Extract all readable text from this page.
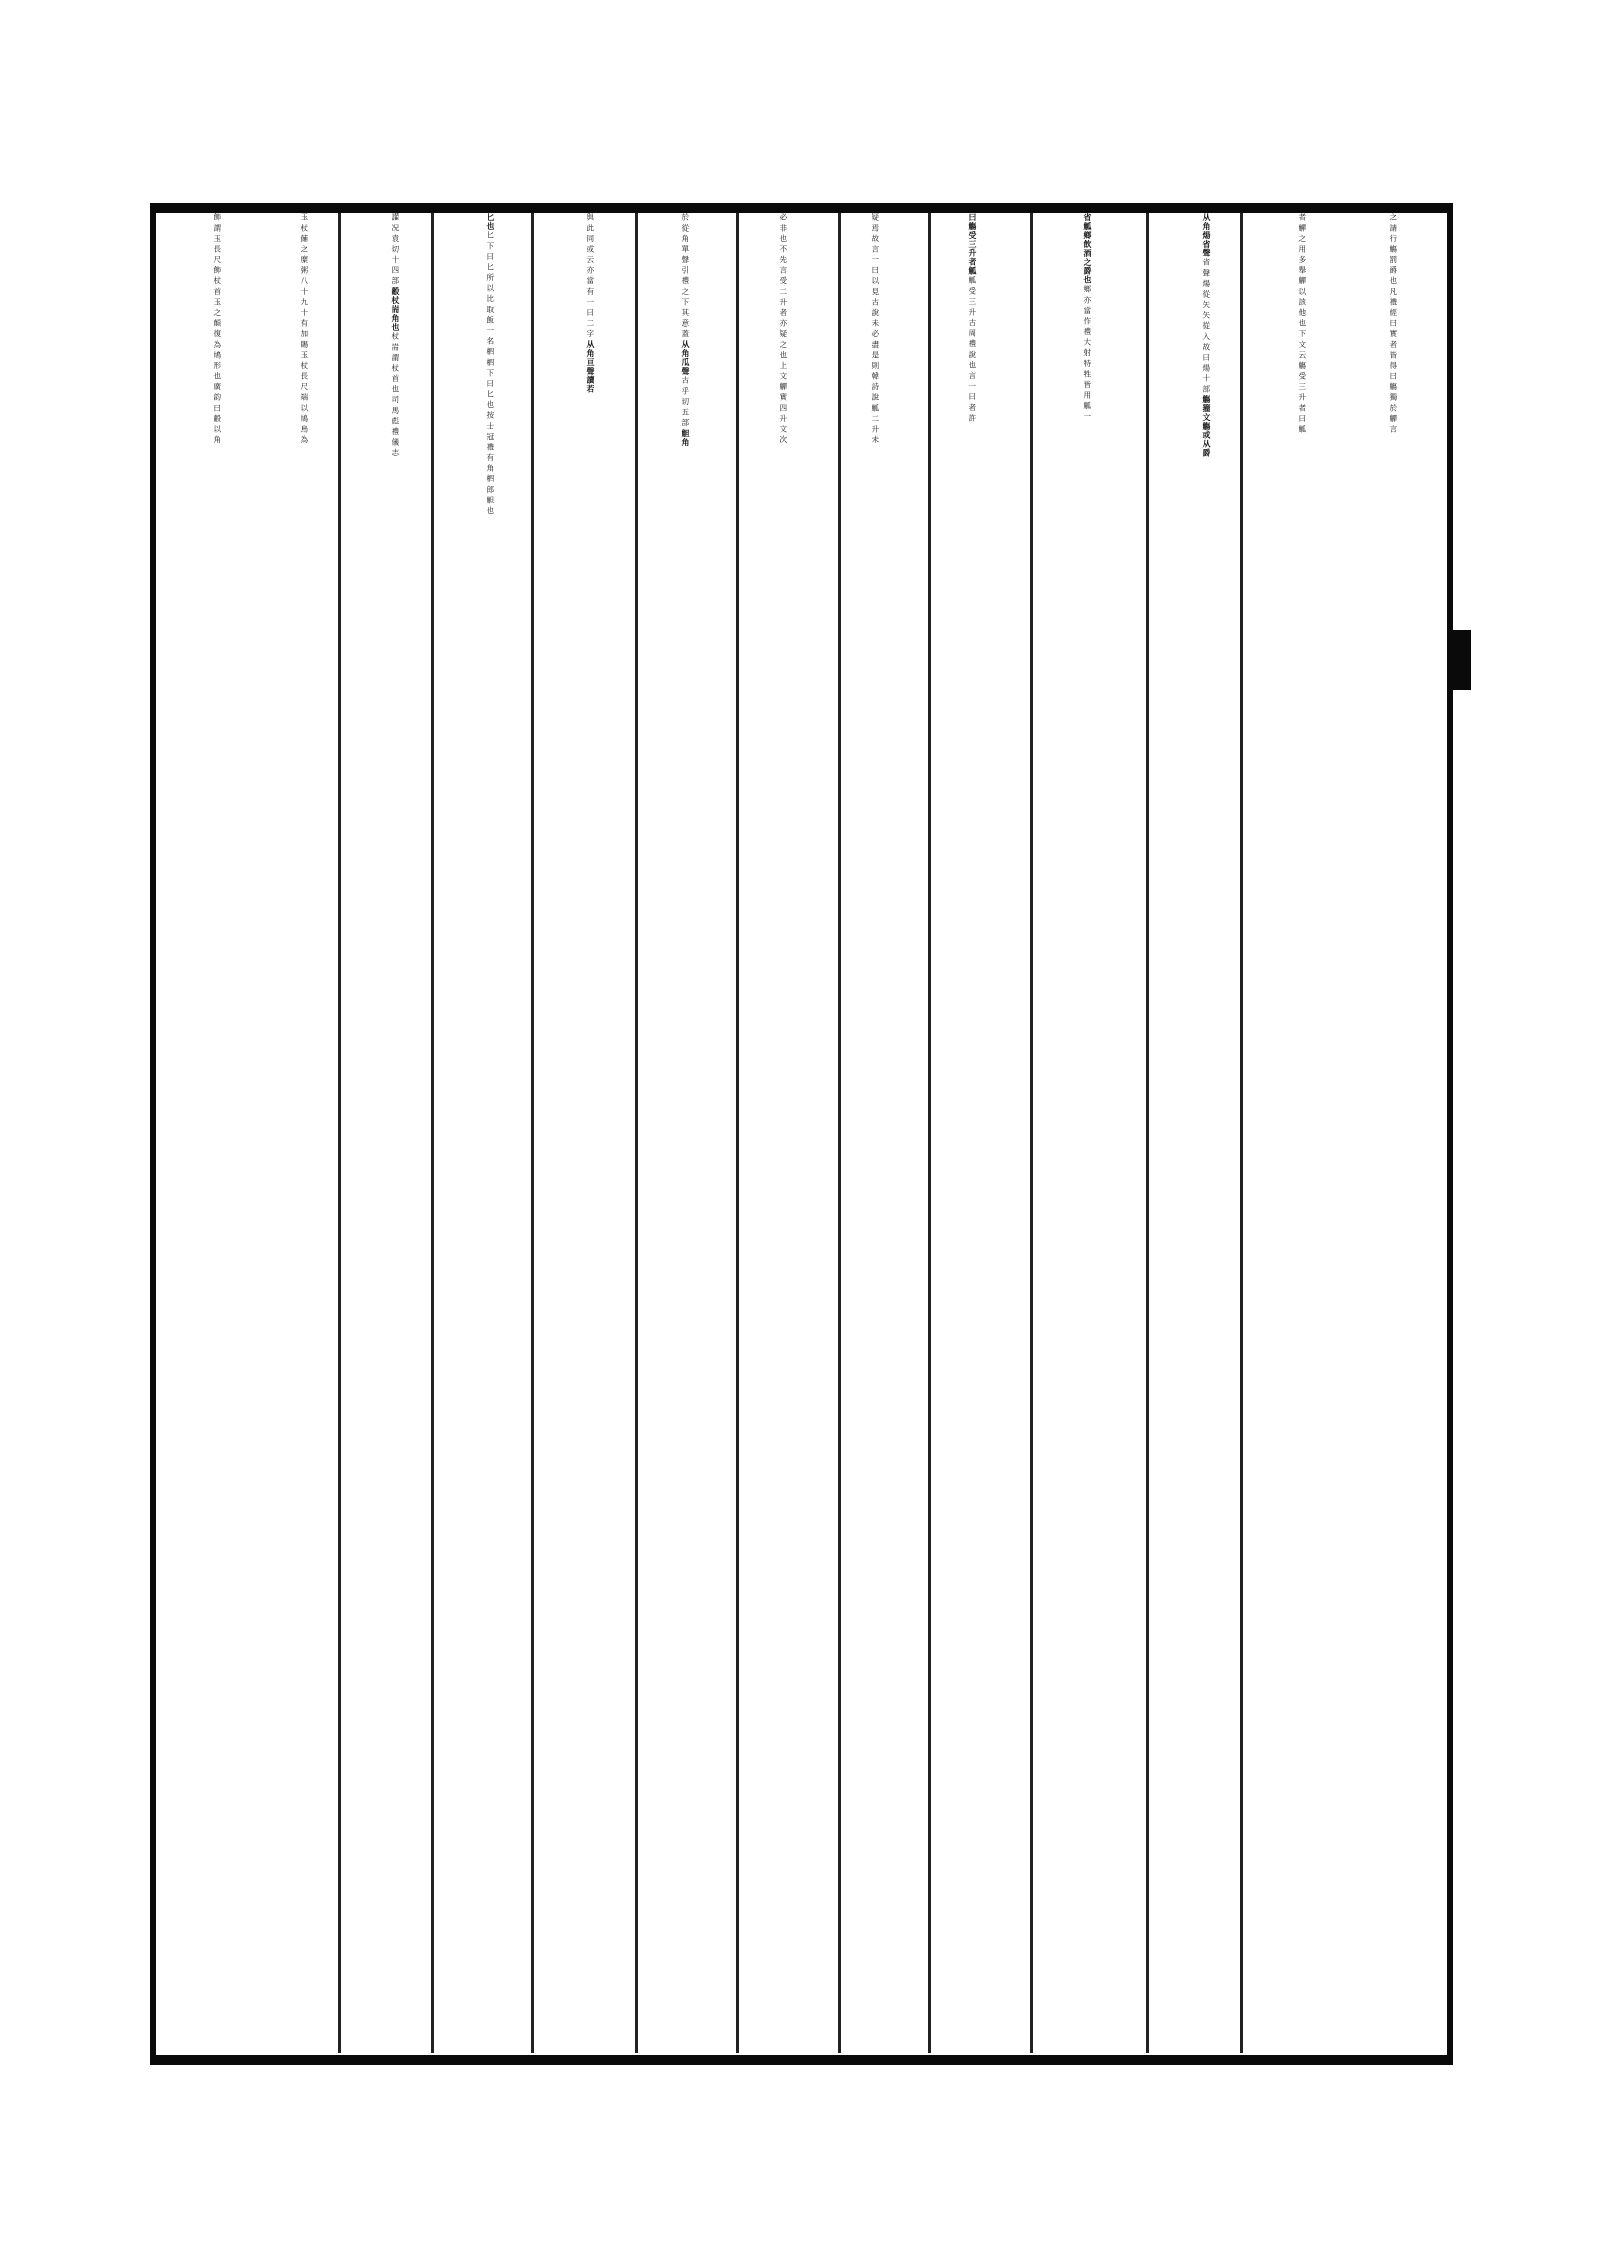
之請行觴罰爵也凡禮經曰實者皆得曰觴獨於觶言
者觶之用多舉觶以該他也下文云觴受三升者曰觚
从角煬省聲
省聲煬從矢矢從入故曰煬
十部
觴籒文觴或从爵
省
觚
鄉飲酒之爵也
鄉亦當作禮大射特牲皆用觚一
曰觴受三升者觚
觚受三升古周禮說也言一曰者許
疑焉故言一曰以見古說未必盡是則韓詩說觚二升未
必非也不先言受二升者亦疑之也上文觶實四升文次
於從角單聲引禮之下其意蓋
从角瓜聲
古乎切五部
觛角
與此同或云亦當有一曰二字
从角亘聲讀若
匕也
匕下曰匕所以比取飯一名柶柶下曰匕也按士冠禮有角柶郎觛也
讙况袁切十四部
觳
杖耑角也
杖耑謂杖首也司馬彪禮儀志
玉杖餔之糜粥八十九十有加賜玉杖長尺端以鳩鳥為
飾謂玉長尺飾杖首玉之顛復為鳩形也廣韵曰觳以角
